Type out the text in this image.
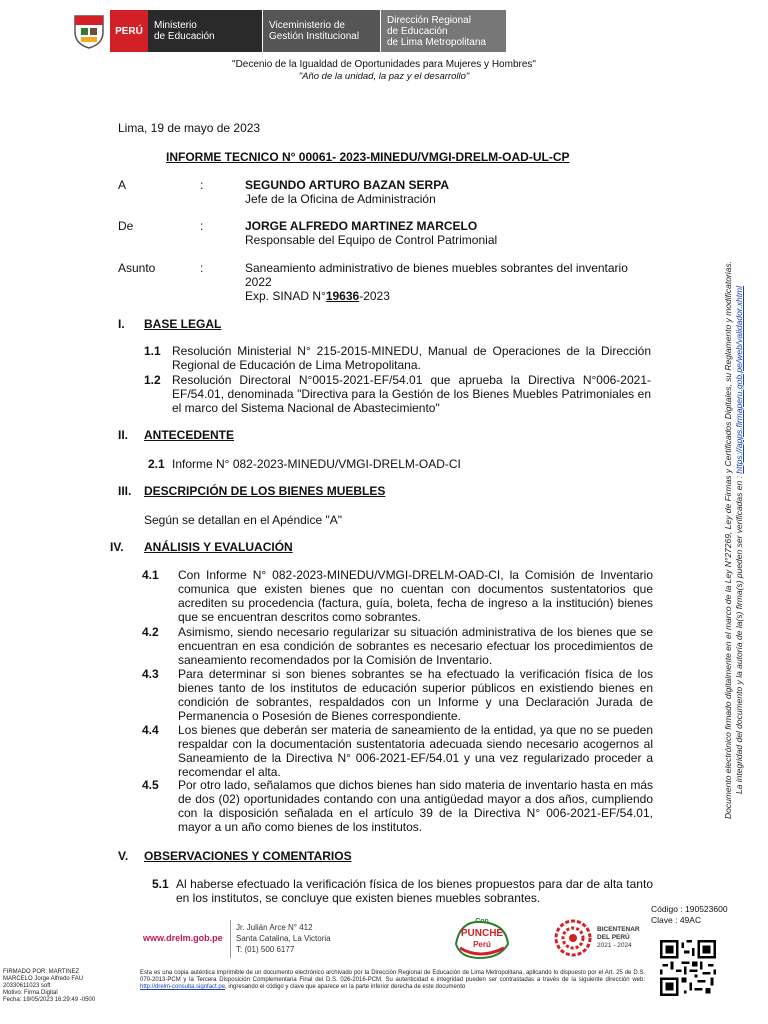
PERÚ	Ministerio
de Educación
Viceministerio de
Gestión Institucional
Dirección Regional
de Educación
de Lima Metropolitana
"Decenio de la Igualdad de Oportunidades para Mujeres y Hombres"
"Año de la unidad, la paz y el desarrollo"
Lima, 19 de mayo de 2023
INFORME TECNICO N° 00061- 2023-MINEDU/VMGI-DRELM-OAD-UL-CP
A	:	SEGUNDO ARTURO BAZAN SERPA
Jefe de la Oficina de Administración
De	:	JORGE ALFREDO MARTINEZ MARCELO
Responsable del Equipo de Control Patrimonial
Asunto	:	Saneamiento administrativo de bienes muebles sobrantes del inventario
2022
Exp. SINAD N°19636-2023
I. BASE LEGAL
1.1 Resolución Ministerial N° 215-2015-MINEDU, Manual de Operaciones de la Dirección Regional de Educación de Lima Metropolitana.
1.2 Resolución Directoral N°0015-2021-EF/54.01 que aprueba la Directiva N°006-2021-EF/54.01, denominada "Directiva para la Gestión de los Bienes Muebles Patrimoniales en el marco del Sistema Nacional de Abastecimiento"
II. ANTECEDENTE
2.1 Informe N° 082-2023-MINEDU/VMGI-DRELM-OAD-CI
III. DESCRIPCIÓN DE LOS BIENES MUEBLES
Según se detallan en el Apéndice "A"
IV. ANÁLISIS Y EVALUACIÓN
4.1	Con Informe N° 082-2023-MINEDU/VMGI-DRELM-OAD-CI, la Comisión de Inventario comunica que existen bienes que no cuentan con documentos sustentatorios que acrediten su procedencia (factura, guía, boleta, fecha de ingreso a la institución) bienes que se encuentran descritos como sobrantes.
4.2	Asimismo, siendo necesario regularizar su situación administrativa de los bienes que se encuentran en esa condición de sobrantes es necesario efectuar los procedimientos de saneamiento recomendados por la Comisión de Inventario.
4.3	Para determinar si son bienes sobrantes se ha efectuado la verificación física de los bienes tanto de los institutos de educación superior públicos en existiendo bienes en condición de sobrantes, respaldados con un Informe y una Declaración Jurada de Permanencia o Posesión de Bienes correspondiente.
4.4	Los bienes que deberán ser materia de saneamiento de la entidad, ya que no se pueden respaldar con la documentación sustentatoria adecuada siendo necesario acogernos al Saneamiento de la Directiva N° 006-2021-EF/54.01 y una vez regularizado proceder a recomendar el alta.
4.5	Por otro lado, señalamos que dichos bienes han sido materia de inventario hasta en más de dos (02) oportunidades contando con una antigüedad mayor a dos años, cumpliendo con la disposición señalada en el artículo 39 de la Directiva N° 006-2021-EF/54.01, mayor a un año como bienes de los institutos.
V. OBSERVACIONES Y COMENTARIOS
5.1 Al haberse efectuado la verificación física de los bienes propuestos para dar de alta tanto en los institutos, se concluye que existen bienes muebles sobrantes.
Código : 190523600
Clave : 49AC
Documento electrónico firmado digitalmente en el marco de la Ley N°27269, Ley de Firmas y Certificados Digitales, su Reglamento y modificatorias. La integridad del documento y la autoría de la(s) firma(s) pueden ser verificadas en : https://apps.firmaperu.gob.pe/web/validador.xhtml
www.drelm.gob.pe
Jr. Julián Arce N° 412
Santa Catalina, La Victoria
T: (01) 500 6177
Con
PUNCHE
Perú
BICENTENAR
DEL PERÚ
2021 - 2024
FIRMADO POR: MARTINEZ
MARCELO Jorge Alfredo FAU
20330611023 soft
Motivo: Firma Digital
Fecha: 19/05/2023 16:29:49 -0500
Esta es una copia auténtica imprimible de un documento electrónico archivado por la Dirección Regional de Educación de Lima Metropolitana, aplicando lo dispuesto por el Art. 25 de D.S. 070-2013-PCM y la Tercera Disposición Complementaria Final del D.S. 026-2016-PCM. Su autenticidad e integridad pueden ser contrastadas a través de la siguiente dirección web: http://drelm-consulta.signfact.pe, ingresando el código y clave que aparece en la parte inferior derecha de este documento
